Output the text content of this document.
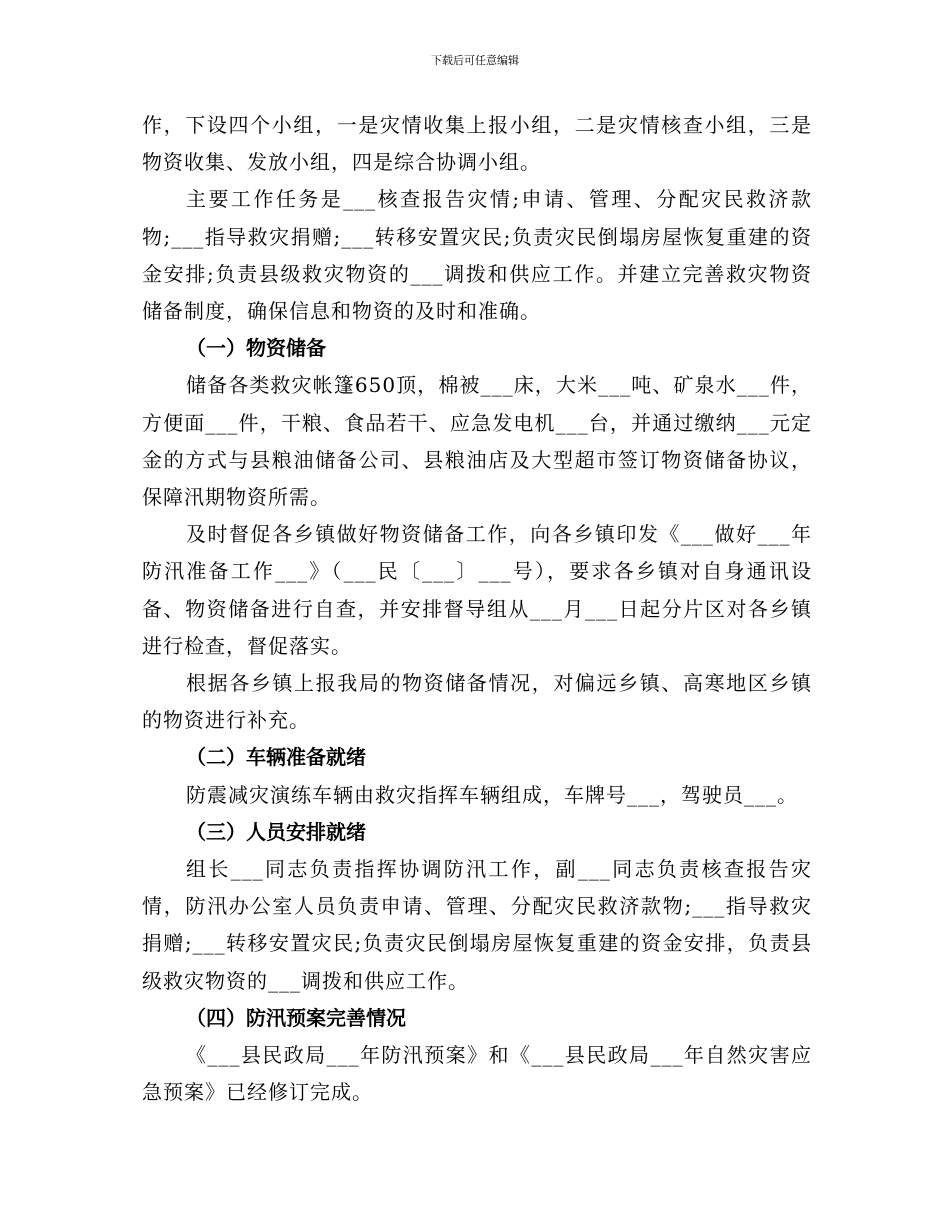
下载后可任意编辑

作，下设四个小组，一是灾情收集上报小组，二是灾情核查小组，三是物资收集、发放小组，四是综合协调小组。

主要工作任务是___核查报告灾情;申请、管理、分配灾民救济款物;___指导救灾捐赠;___转移安置灾民;负责灾民倒塌房屋恢复重建的资金安排;负责县级救灾物资的___调拨和供应工作。并建立完善救灾物资储备制度，确保信息和物资的及时和准确。

（一）物资储备

储备各类救灾帐篷650顶，棉被___床，大米___吨、矿泉水___件，方便面___件，干粮、食品若干、应急发电机___台，并通过缴纳___元定金的方式与县粮油储备公司、县粮油店及大型超市签订物资储备协议，保障汛期物资所需。

及时督促各乡镇做好物资储备工作，向各乡镇印发《___做好___年防汛准备工作___》（___民〔___〕___号），要求各乡镇对自身通讯设备、物资储备进行自查，并安排督导组从___月___日起分片区对各乡镇进行检查，督促落实。

根据各乡镇上报我局的物资储备情况，对偏远乡镇、高寒地区乡镇的物资进行补充。

（二）车辆准备就绪

防震减灾演练车辆由救灾指挥车辆组成，车牌号___，驾驶员___。

（三）人员安排就绪

组长___同志负责指挥协调防汛工作，副___同志负责核查报告灾情，防汛办公室人员负责申请、管理、分配灾民救济款物;___指导救灾捐赠;___转移安置灾民;负责灾民倒塌房屋恢复重建的资金安排，负责县级救灾物资的___调拨和供应工作。

（四）防汛预案完善情况

《___县民政局___年防汛预案》和《___县民政局___年自然灾害应急预案》已经修订完成。
